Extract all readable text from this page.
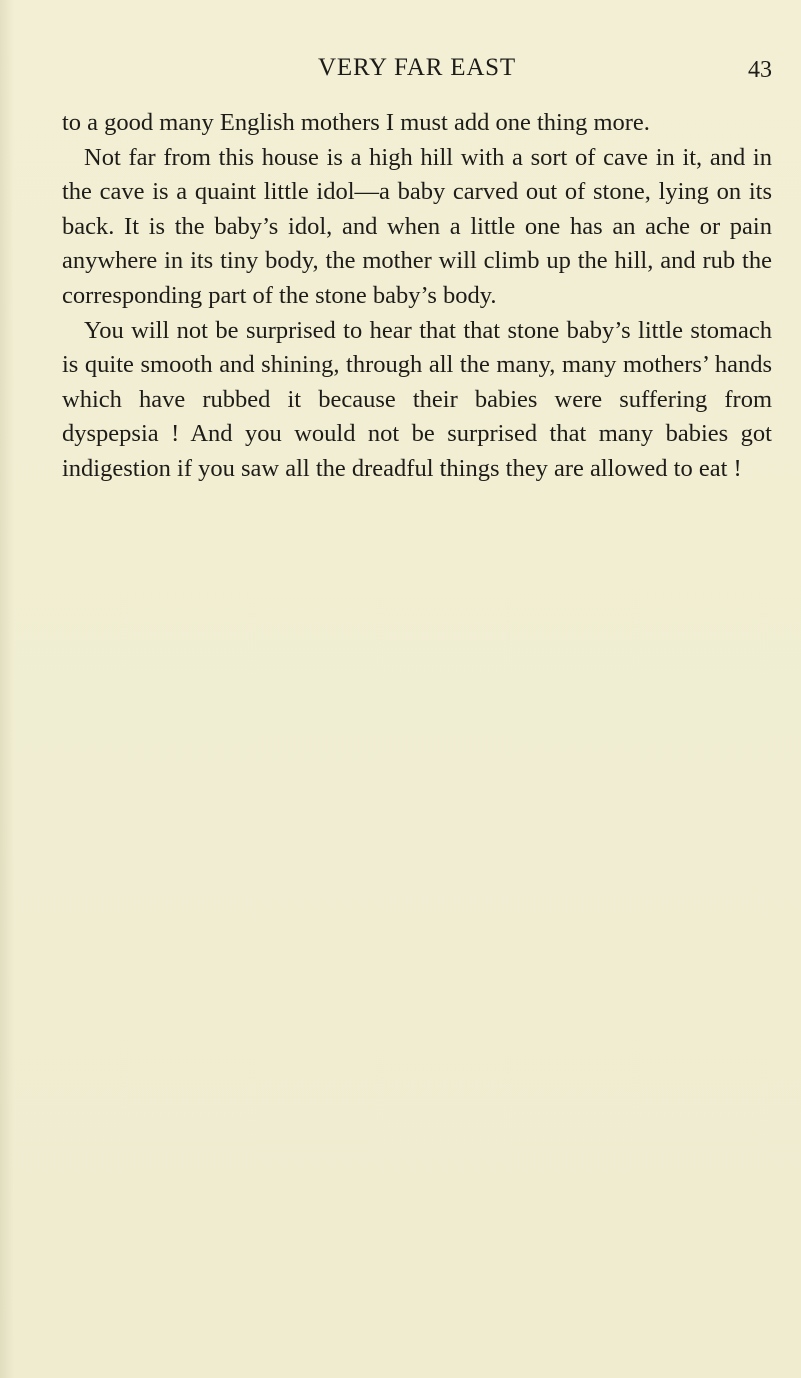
VERY FAR EAST	43

to a good many English mothers I must add one thing more.

Not far from this house is a high hill with a sort of cave in it, and in the cave is a quaint little idol—a baby carved out of stone, lying on its back. It is the baby’s idol, and when a little one has an ache or pain anywhere in its tiny body, the mother will climb up the hill, and rub the corresponding part of the stone baby’s body.

You will not be surprised to hear that that stone baby’s little stomach is quite smooth and shining, through all the many, many mothers’ hands which have rubbed it because their babies were suffering from dyspepsia ! And you would not be surprised that many babies got indigestion if you saw all the dreadful things they are allowed to eat !
